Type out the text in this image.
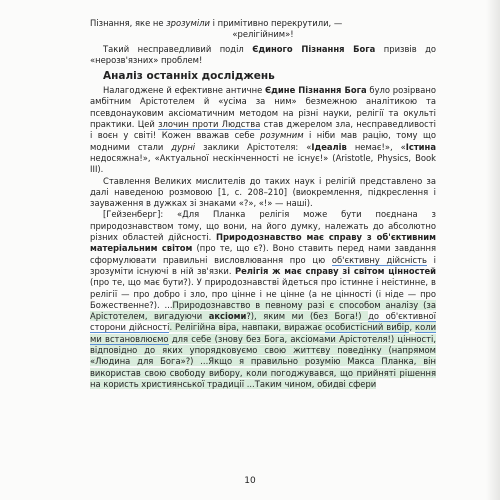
Пізнання, яке не зрозуміли і примітивно перекрутили, —

«релігійним»!

Такий несправедливий поділ Єдиного Пізнання Бога призвів до «нерозв'язних» проблем!

Аналіз останніх досліджень

Налагоджене й ефективне античне Єдине Пізнання Бога було розірвано амбітним Арістотелем й «усіма за ним» безмежною аналітикою та псевдонауковим аксіоматичним методом на різні науки, релігії та окульті практики. Цей злочин проти Людства став джерелом зла, несправедливості і воєн у світі! Кожен вважав себе розумним і ніби мав рацію, тому що модними стали дурні заклики Арістотеля: «Ідеалів немає!», «Істина недосяжна!», «Актуальної нескінченності не існує!» (Aristotle, Physics, Book III).

Ставлення Великих мислителів до таких наук і релігій представлено за далі наведеною розмовою [1, с. 208–210] (виокремлення, підкреслення і зауваження в дужках зі знаками «?», «!» — наші).

[Гейзенберг]: «Для Планка релігія може бути поєднана з природознавством тому, що вони, на його думку, належать до абсолютно різних областей дійсності. Природознавство має справу з об'єктивним матеріальним світом (про те, що є?). Воно ставить перед нами завдання сформулювати правильні висловлювання про цю об'єктивну дійсність і зрозуміти існуючі в ній зв'язки. Релігія ж має справу зі світом цінностей (про те, що має бути?). У природознавстві йдеться про істинне і неістинне, в релігії — про добро і зло, про цінне і не цінне (а не цінності (і ніде — про Божественне?). ...Природознавство в певному разі є способом аналізу (за Арістотелем, вигадуючи аксіоми?), яким ми (без Бога!) до об'єктивної сторони дійсності. Релігійна віра, навпаки, виражає особистісний вибір, коли ми встановлюємо для себе (знову без Бога, аксіомами Арістотеля!) цінності, відповідно до яких упорядковуємо свою життєву поведінку (напрямом «Людина для Бога»?) ...Якщо я правильно розумію Макса Планка, він використав свою свободу вибору, коли погоджувався, що прийняті рішення на користь християнської традиції ...Таким чином, обидві сфери

10
